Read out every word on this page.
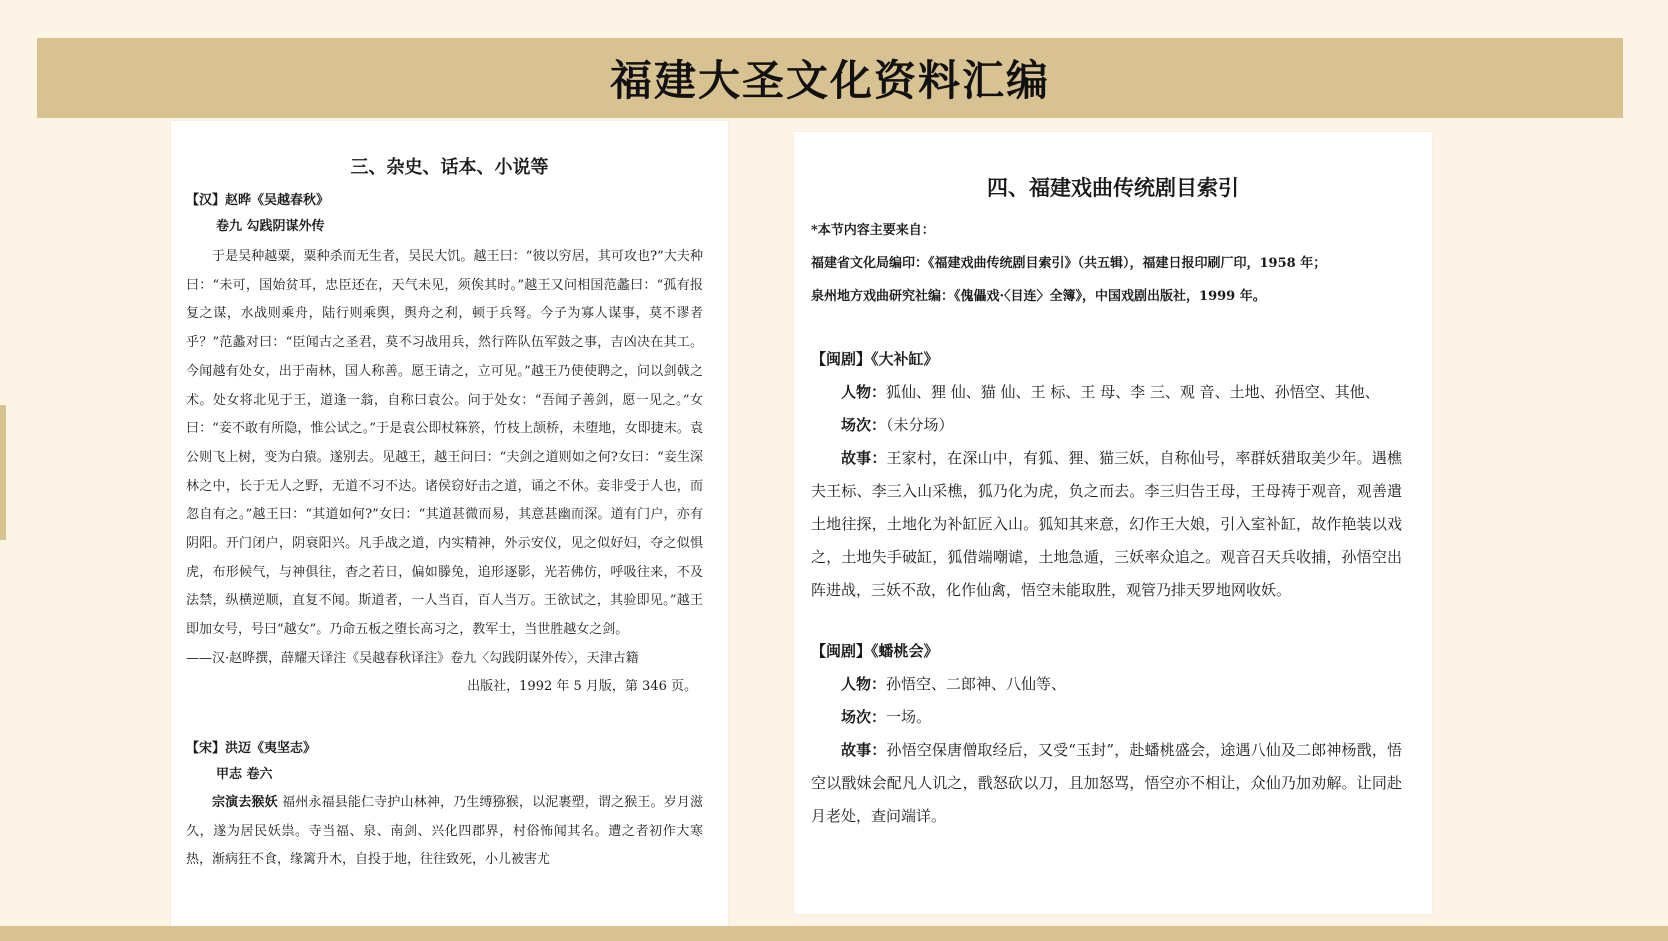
福建大圣文化资料汇编
三、杂史、话本、小说等
【汉】赵晔《吴越春秋》
卷九 勾践阴谋外传

于是吴种越粟，粟种杀而无生者，吴民大饥。越王曰：“彼以穷居，其可攻也?”大夫种曰：“未可，国始贫耳，忠臣还在，天气未见，须俟其时。”越王又问相国范蠡曰：“孤有报复之谋，水战则乘舟，陆行则乘舆，舆舟之利，顿于兵弩。今子为寡人谋事，莫不谬者乎？”范蠡对曰：“臣闻古之圣君，莫不习战用兵，然行阵队伍军鼓之事，吉凶决在其工。今闻越有处女，出于南林，国人称善。愿王请之，立可见。”越王乃使使聘之，问以剑戟之术。处女将北见于王，道逢一翁，自称曰袁公。问于处女：“吾闻子善剑，愿一见之。”女曰：“妾不敢有所隐，惟公试之。”于是袁公即杖箖箊，竹枝上颉桥，未堕地，女即捷末。袁公则飞上树，变为白猿。遂别去。见越王，越王问曰：“夫剑之道则如之何?女曰：“妾生深林之中，长于无人之野，无道不习不达。诸侯窃好击之道，诵之不休。妾非受于人也，而忽自有之。”越王曰：“其道如何?”女曰：“其道甚微而易，其意甚幽而深。道有门户，亦有阴阳。开门闭户，阴衰阳兴。凡手战之道，内实精神，外示安仪，见之似好妇，夺之似惧虎，布形候气，与神俱往，杳之若日，偏如滕兔，追形逐影，光若佛仿，呼吸往来，不及法禁，纵横逆顺，直复不闻。斯道者，一人当百，百人当万。王欲试之，其验即见。”越王即加女号，号曰“越女”。乃命五板之堕长高习之，教军士，当世胜越女之剑。

——汉·赵晔撰，薛耀天译注《吴越春秋译注》卷九〈勾践阴谋外传〉，天津古籍

出版社，1992 年 5 月版，第 346 页。

【宋】洪迈《夷坚志》
甲志 卷六

宗演去猴妖 福州永福县能仁寺护山林神，乃生缚猕猴，以泥裹塑，谓之猴王。岁月滋久，遂为居民妖祟。寺当福、泉、南剑、兴化四郡界，村俗怖闻其名。遭之者初作大寒热，渐病狂不食，缘篱升木，自投于地，往往致死，小儿被害尤

四、福建戏曲传统剧目索引

*本节内容主要来自：

福建省文化局编印：《福建戏曲传统剧目索引》（共五辑），福建日报印刷厂印，1958 年；

泉州地方戏曲研究社编：《傀儡戏·〈目连〉全簿》，中国戏剧出版社，1999 年。

【闽剧】《大补缸》

人物：狐仙、狸 仙、猫 仙、王 标、王 母、李 三、观 音、土地、孙悟空、其他、

场次：（未分场）

故事：王家村，在深山中，有狐、狸、猫三妖，自称仙号，率群妖猎取美少年。遇樵夫王标、李三入山采樵，狐乃化为虎，负之而去。李三归告王母，王母祷于观音，观善遣土地往探，土地化为补缸匠入山。狐知其来意，幻作王大娘，引入室补缸，故作艳装以戏之，土地失手破缸，狐借端嘲谑，土地急遁，三妖率众追之。观音召天兵收捕，孙悟空出阵进战，三妖不敌，化作仙禽，悟空未能取胜，观管乃排天罗地网收妖。

【闽剧】《蟠桃会》

人物：孙悟空、二郎神、八仙等、

场次：一场。

故事：孙悟空保唐僧取经后，又受“玉封”，赴蟠桃盛会，途遇八仙及二郎神杨戬，悟空以戬妹会配凡人讥之，戬怒砍以刀，且加怒骂，悟空亦不相让，众仙乃加劝解。让同赴月老处，查问端详。
